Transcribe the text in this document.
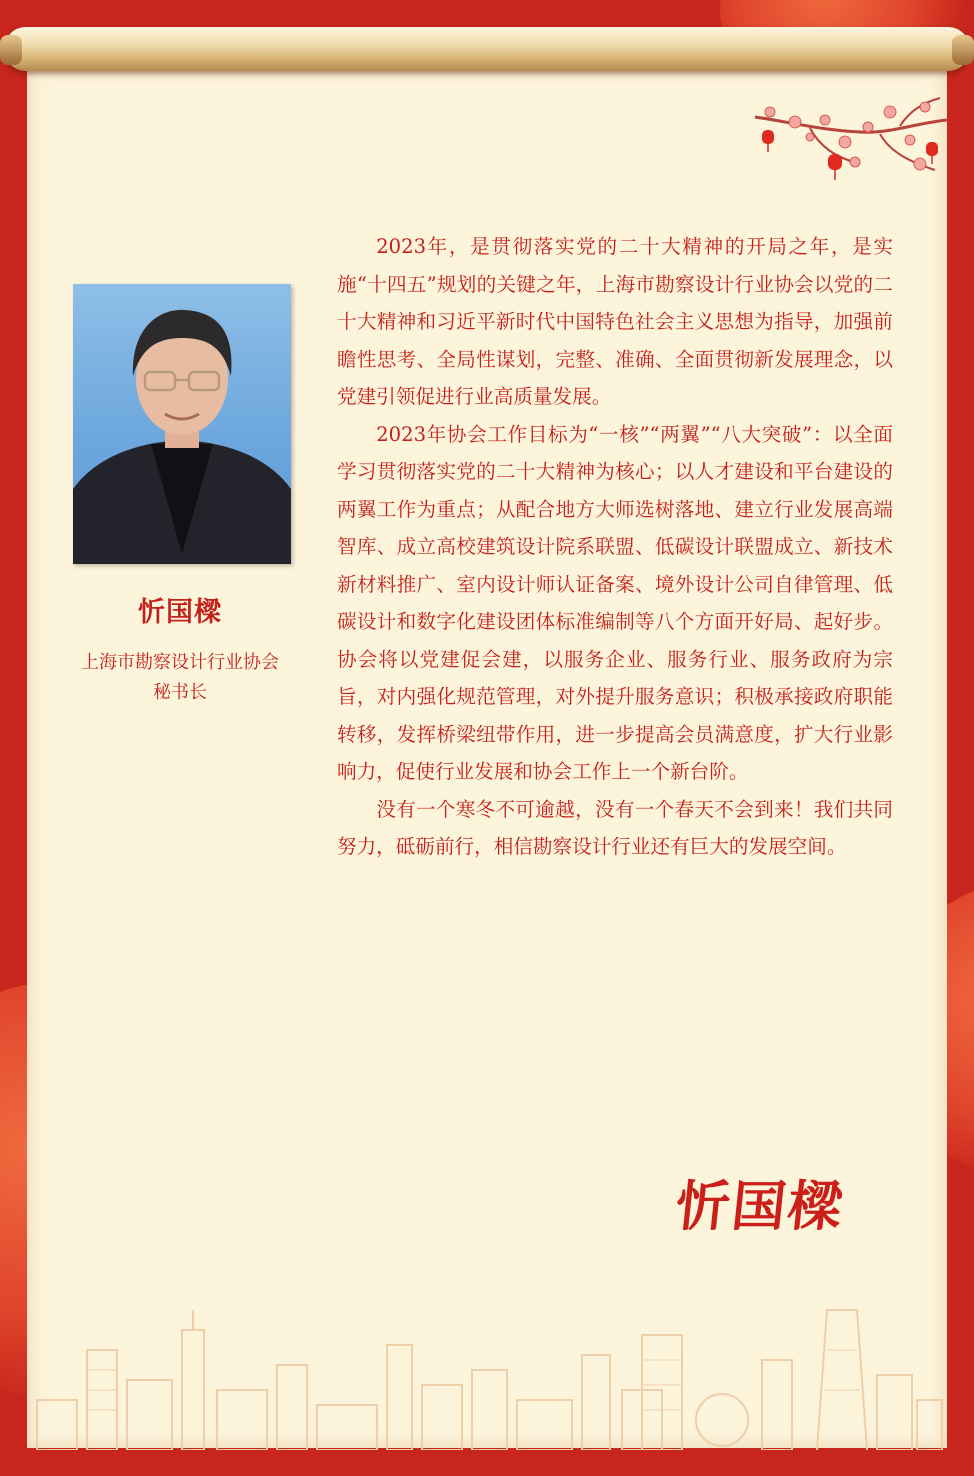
忻国樑
上海市勘察设计行业协会
秘书长

2023年，是贯彻落实党的二十大精神的开局之年，是实施“十四五”规划的关键之年，上海市勘察设计行业协会以党的二十大精神和习近平新时代中国特色社会主义思想为指导，加强前瞻性思考、全局性谋划，完整、准确、全面贯彻新发展理念，以党建引领促进行业高质量发展。

2023年协会工作目标为“一核”“两翼”“八大突破”：以全面学习贯彻落实党的二十大精神为核心；以人才建设和平台建设的两翼工作为重点；从配合地方大师选树落地、建立行业发展高端智库、成立高校建筑设计院系联盟、低碳设计联盟成立、新技术新材料推广、室内设计师认证备案、境外设计公司自律管理、低碳设计和数字化建设团体标准编制等八个方面开好局、起好步。协会将以党建促会建，以服务企业、服务行业、服务政府为宗旨，对内强化规范管理，对外提升服务意识；积极承接政府职能转移，发挥桥梁纽带作用，进一步提高会员满意度，扩大行业影响力，促使行业发展和协会工作上一个新台阶。

没有一个寒冬不可逾越，没有一个春天不会到来！我们共同努力，砥砺前行，相信勘察设计行业还有巨大的发展空间。

忻国樑
